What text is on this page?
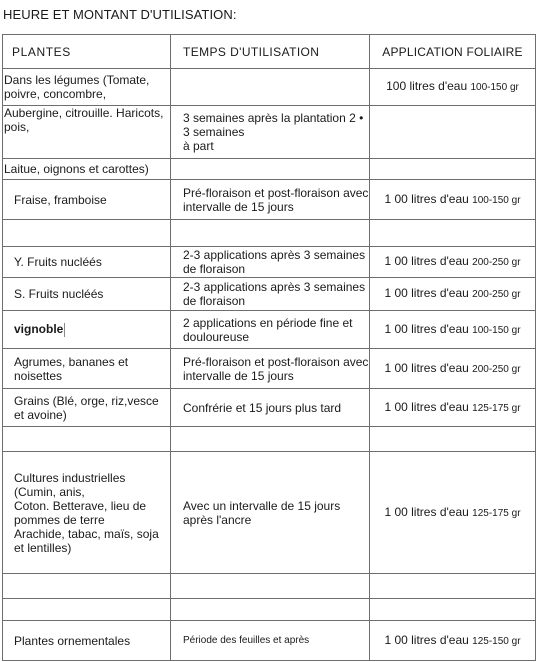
HEURE ET MONTANT D'UTILISATION:
PLANTES	TEMPS D'UTILISATION	APPLICATION FOLIAIRE
Dans les légumes (Tomate, poivre, concombre,		100 litres d'eau 100-150 gr
Aubergine, citrouille. Haricots, pois,	3 semaines après la plantation 2 • 3 semaines
à part	
Laitue, oignons et carottes)		
Fraise, framboise	Pré-floraison et post-floraison avec intervalle de 15 jours	1 00 litres d'eau 100-150 gr

Y. Fruits nucléés	2-3 applications après 3 semaines de floraison	1 00 litres d'eau 200-250 gr
S. Fruits nucléés	2-3 applications après 3 semaines de floraison	1 00 litres d'eau 200-250 gr
vignoble	2 applications en période fine et douloureuse	1 00 litres d'eau 100-150 gr
Agrumes, bananes et noisettes	Pré-floraison et post-floraison avec intervalle de 15 jours	1 00 litres d'eau 200-250 gr
Grains (Blé, orge, riz,vesce et avoine)	Confrérie et 15 jours plus tard	1 00 litres d'eau 125-175 gr

Cultures industrielles (Cumin, anis,
Coton. Betterave, lieu de pommes de terre
Arachide, tabac, maïs, soja et lentilles)	Avec un intervalle de 15 jours après l'ancre	1 00 litres d'eau 125-175 gr

Plantes ornementales	Période des feuilles et après	1 00 litres d'eau 125-150 gr
